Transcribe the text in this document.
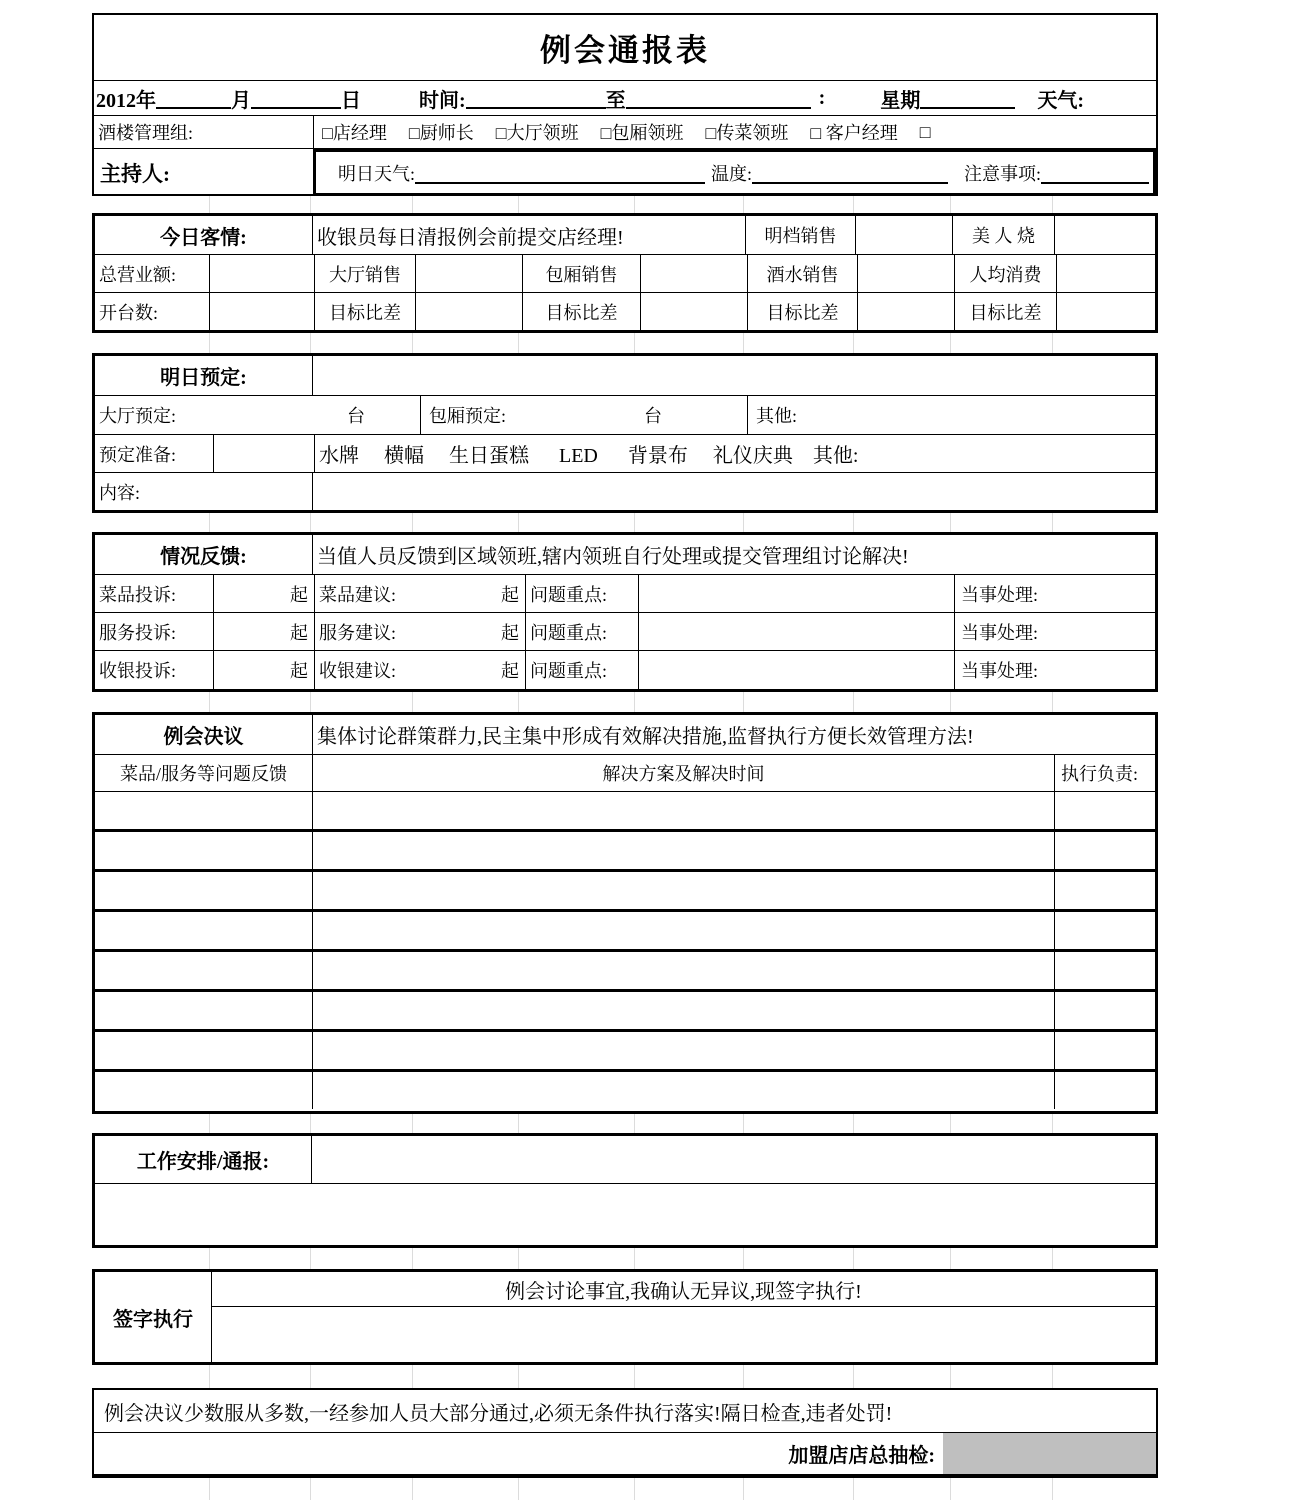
例会通报表
2012年	月	日	时间:	至	:	星期	天气:
酒楼管理组:	□店经理 □厨师长 □大厅领班 □包厢领班 □传菜领班 □ 客户经理 □
主持人:	明日天气:	温度:	注意事项:
今日客情:	收银员每日清报例会前提交店经理!	明档销售	美 人 烧
总营业额:	大厅销售	包厢销售	酒水销售	人均消费
开台数:	目标比差	目标比差	目标比差	目标比差
明日预定:
大厅预定:	台	包厢预定:	台	其他:
预定准备:	水牌　 横幅　 生日蛋糕　  LED　  背景布　 礼仪庆典　其他:
内容:
情况反馈:	当值人员反馈到区域领班,辖内领班自行处理或提交管理组讨论解决!
菜品投诉:	起 菜品建议:	起 问题重点:	当事处理:
服务投诉:	起 服务建议:	起 问题重点:	当事处理:
收银投诉:	起 收银建议:	起 问题重点:	当事处理:
例会决议	集体讨论群策群力,民主集中形成有效解决措施,监督执行方便长效管理方法!
菜品/服务等问题反馈	解决方案及解决时间	执行负责:
工作安排/通报:
签字执行
例会讨论事宜,我确认无异议,现签字执行!
例会决议少数服从多数,一经参加人员大部分通过,必须无条件执行落实!隔日检查,违者处罚!
加盟店店总抽检:
